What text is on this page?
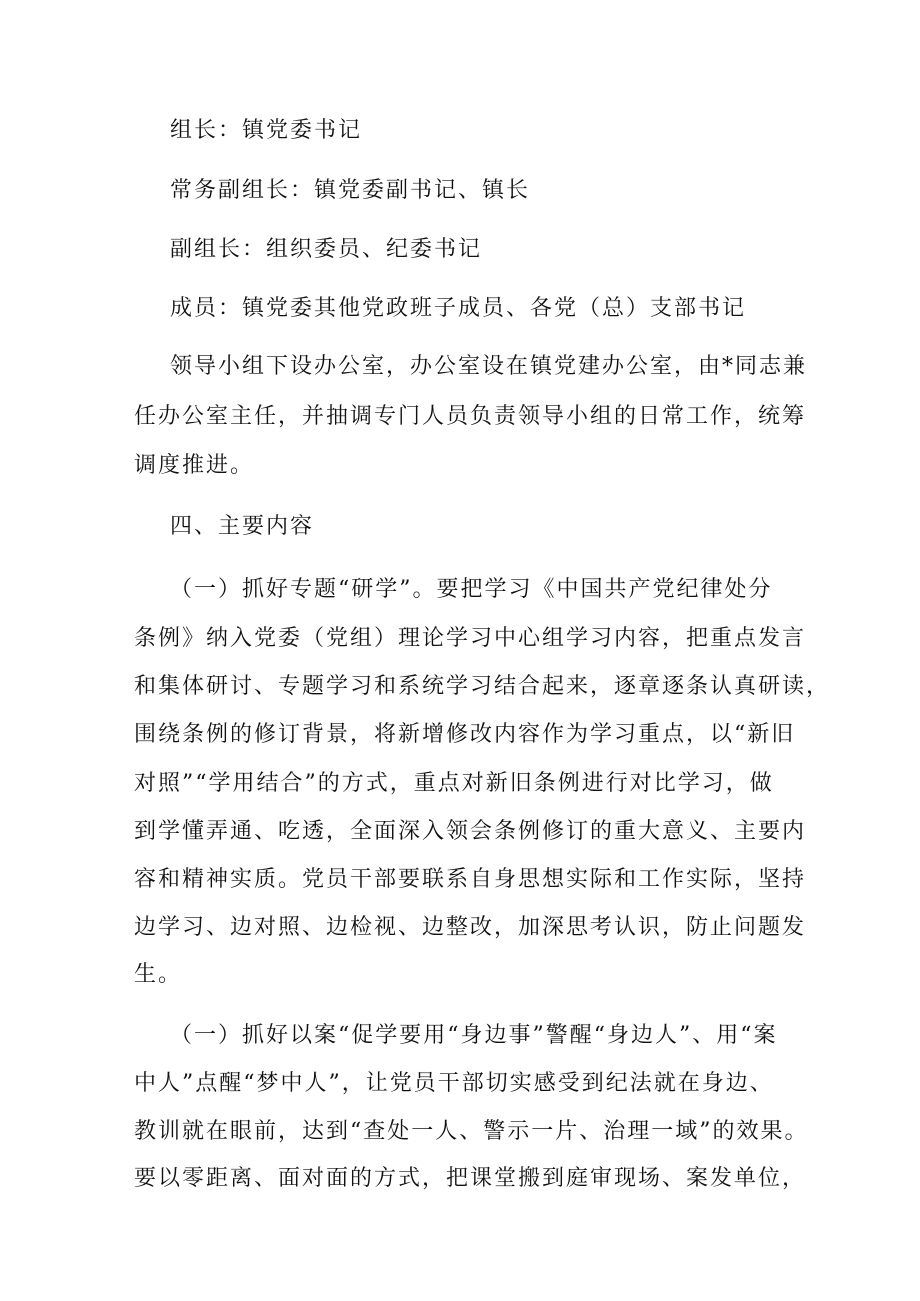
组长：镇党委书记
常务副组长：镇党委副书记、镇长
副组长：组织委员、纪委书记
成员：镇党委其他党政班子成员、各党（总）支部书记
领导小组下设办公室，办公室设在镇党建办公室，由*同志兼
任办公室主任，并抽调专门人员负责领导小组的日常工作，统筹
调度推进。
四、主要内容
（一）抓好专题“研学”。要把学习《中国共产党纪律处分
条例》纳入党委（党组）理论学习中心组学习内容，把重点发言
和集体研讨、专题学习和系统学习结合起来，逐章逐条认真研读，
围绕条例的修订背景，将新增修改内容作为学习重点，以“新旧
对照”“学用结合”的方式，重点对新旧条例进行对比学习，做
到学懂弄通、吃透，全面深入领会条例修订的重大意义、主要内
容和精神实质。党员干部要联系自身思想实际和工作实际，坚持
边学习、边对照、边检视、边整改，加深思考认识，防止问题发
生。
（一）抓好以案“促学要用“身边事”警醒“身边人”、用“案
中人”点醒“梦中人”，让党员干部切实感受到纪法就在身边、
教训就在眼前，达到“查处一人、警示一片、治理一域”的效果。
要以零距离、面对面的方式，把课堂搬到庭审现场、案发单位，
